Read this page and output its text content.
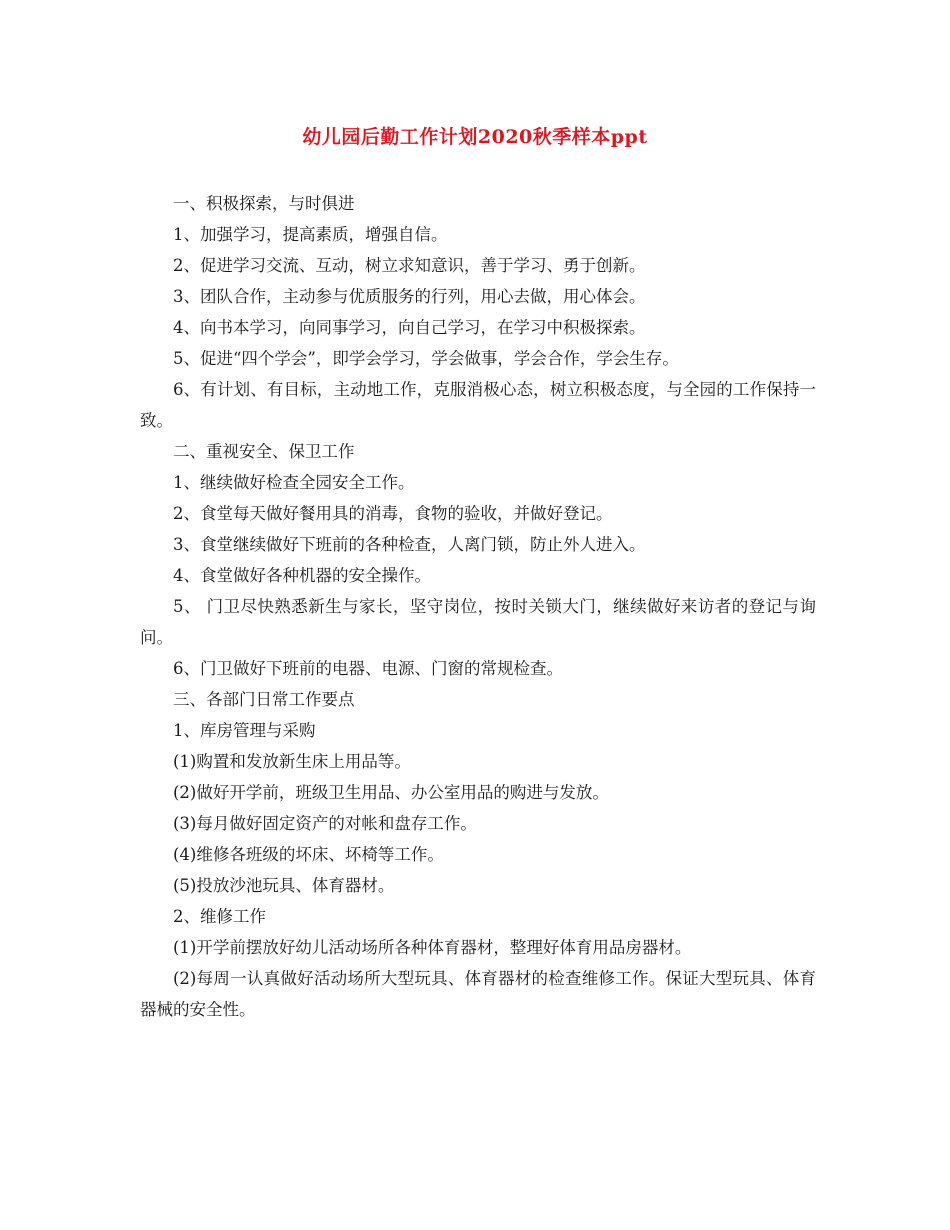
幼儿园后勤工作计划2020秋季样本ppt

一、积极探索，与时俱进

1、加强学习，提高素质，增强自信。

2、促进学习交流、互动，树立求知意识，善于学习、勇于创新。

3、团队合作，主动参与优质服务的行列，用心去做，用心体会。

4、向书本学习，向同事学习，向自己学习，在学习中积极探索。

5、促进“四个学会”，即学会学习，学会做事，学会合作，学会生存。

6、有计划、有目标，主动地工作，克服消极心态，树立积极态度，与全园的工作保持一致。

二、重视安全、保卫工作

1、继续做好检查全园安全工作。

2、食堂每天做好餐用具的消毒，食物的验收，并做好登记。

3、食堂继续做好下班前的各种检查，人离门锁，防止外人进入。

4、食堂做好各种机器的安全操作。

5、 门卫尽快熟悉新生与家长，坚守岗位，按时关锁大门，继续做好来访者的登记与询问。

6、门卫做好下班前的电器、电源、门窗的常规检查。

三、各部门日常工作要点

1、库房管理与采购

(1)购置和发放新生床上用品等。

(2)做好开学前，班级卫生用品、办公室用品的购进与发放。

(3)每月做好固定资产的对帐和盘存工作。

(4)维修各班级的坏床、坏椅等工作。

(5)投放沙池玩具、体育器材。

2、维修工作

(1)开学前摆放好幼儿活动场所各种体育器材，整理好体育用品房器材。

(2)每周一认真做好活动场所大型玩具、体育器材的检查维修工作。保证大型玩具、体育器械的安全性。
